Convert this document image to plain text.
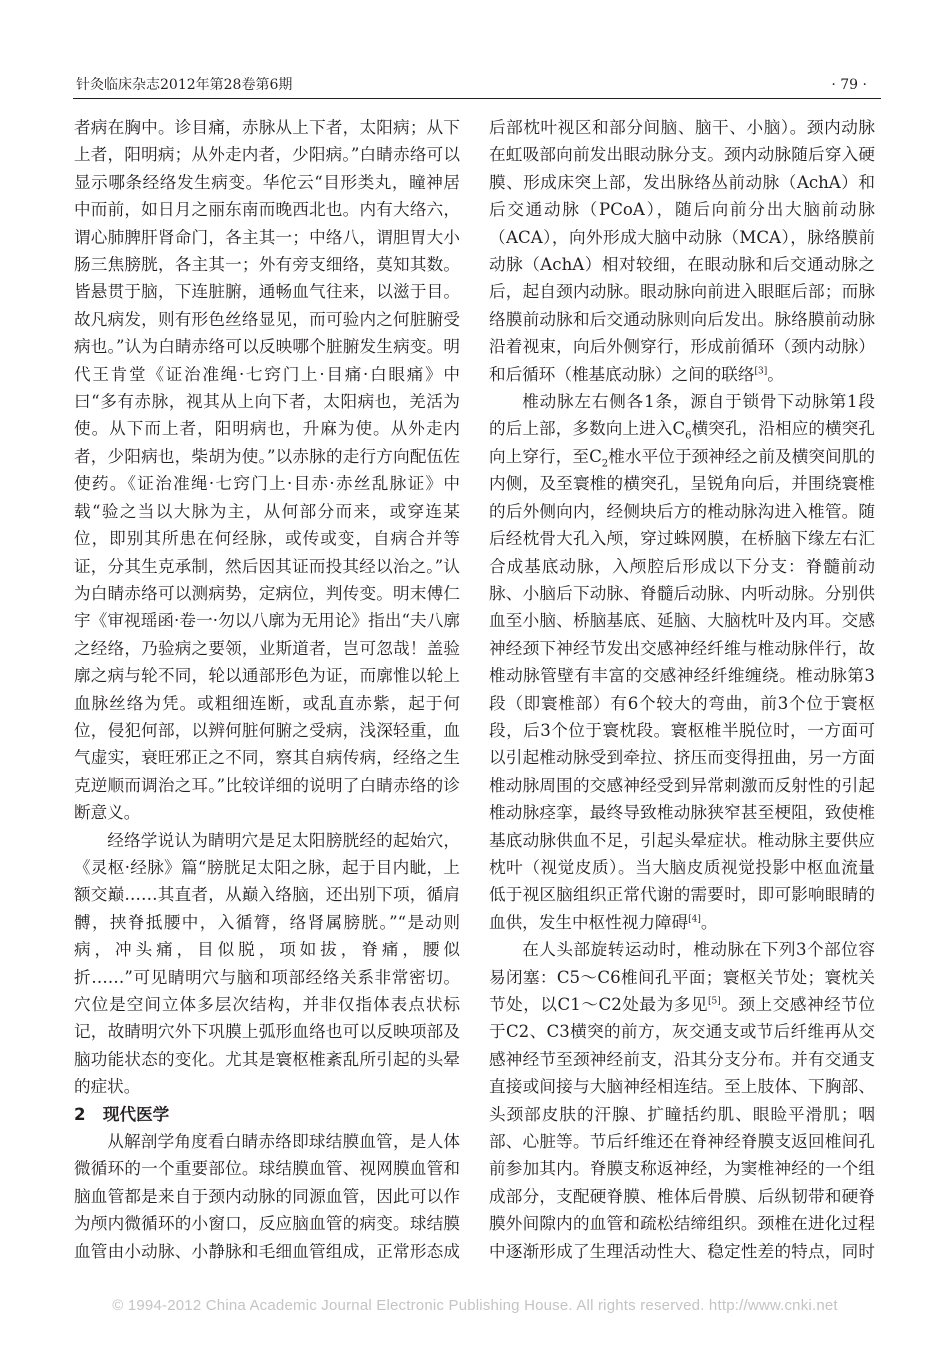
针灸临床杂志2012年第28卷第6期	· 79 ·

者病在胸中。诊目痛，赤脉从上下者，太阳病；从下上者，阳明病；从外走内者，少阳病。”白睛赤络可以显示哪条经络发生病变。华佗云“目形类丸，瞳神居中而前，如日月之丽东南而晚西北也。内有大络六，谓心肺脾肝肾命门，各主其一；中络八，谓胆胃大小肠三焦膀胱，各主其一；外有旁支细络，莫知其数。皆悬贯于脑，下连脏腑，通畅血气往来，以滋于目。故凡病发，则有形色丝络显见，而可验内之何脏腑受病也。”认为白睛赤络可以反映哪个脏腑发生病变。明代王肯堂《证治准绳·七窍门上·目痛·白眼痛》中曰“多有赤脉，视其从上向下者，太阳病也，羌活为使。从下而上者，阳明病也，升麻为使。从外走内者，少阳病也，柴胡为使。”以赤脉的走行方向配伍佐使药。《证治准绳·七窍门上·目赤·赤丝乱脉证》中载“验之当以大脉为主，从何部分而来，或穿连某位，即别其所患在何经脉，或传或变，自病合并等证，分其生克承制，然后因其证而投其经以治之。”认为白睛赤络可以测病势，定病位，判传变。明末傅仁宇《审视瑶函·卷一·勿以八廓为无用论》指出“夫八廓之经络，乃验病之要领，业斯道者，岂可忽哉！盖验廓之病与轮不同，轮以通部形色为证，而廓惟以轮上血脉丝络为凭。或粗细连断，或乱直赤紫，起于何位，侵犯何部，以辨何脏何腑之受病，浅深轻重，血气虚实，衰旺邪正之不同，察其自病传病，经络之生克逆顺而调治之耳。”比较详细的说明了白睛赤络的诊断意义。

经络学说认为睛明穴是足太阳膀胱经的起始穴，《灵枢·经脉》篇“膀胱足太阳之脉，起于目内眦，上额交巅……其直者，从巅入络脑，还出别下项，循肩髆，挟脊抵腰中，入循膂，络肾属膀胱。”“是动则病，冲头痛，目似脱，项如拔，脊痛，腰似折……”可见睛明穴与脑和项部经络关系非常密切。穴位是空间立体多层次结构，并非仅指体表点状标记，故睛明穴外下巩膜上弧形血络也可以反映项部及脑功能状态的变化。尤其是寰枢椎紊乱所引起的头晕的症状。

2 现代医学

从解剖学角度看白睛赤络即球结膜血管，是人体微循环的一个重要部位。球结膜血管、视网膜血管和脑血管都是来自于颈内动脉的同源血管，因此可以作为颅内微循环的小窗口，反应脑血管的病变。球结膜血管由小动脉、小静脉和毛细血管组成，正常形态成

后部枕叶视区和部分间脑、脑干、小脑）。颈内动脉在虹吸部向前发出眼动脉分支。颈内动脉随后穿入硬膜、形成床突上部，发出脉络丛前动脉（AchA）和后交通动脉（PCoA），随后向前分出大脑前动脉（ACA），向外形成大脑中动脉（MCA），脉络膜前动脉（AchA）相对较细，在眼动脉和后交通动脉之后，起自颈内动脉。眼动脉向前进入眼眶后部；而脉络膜前动脉和后交通动脉则向后发出。脉络膜前动脉沿着视束，向后外侧穿行，形成前循环（颈内动脉）和后循环（椎基底动脉）之间的联络[3]。

椎动脉左右侧各1条，源自于锁骨下动脉第1段的后上部，多数向上进入$C_6$横突孔，沿相应的横突孔向上穿行，至$C_2$椎水平位于颈神经之前及横突间肌的内侧，及至寰椎的横突孔，呈锐角向后，并围绕寰椎的后外侧向内，经侧块后方的椎动脉沟进入椎管。随后经枕骨大孔入颅，穿过蛛网膜，在桥脑下缘左右汇合成基底动脉，入颅腔后形成以下分支：脊髓前动脉、小脑后下动脉、脊髓后动脉、内听动脉。分别供血至小脑、桥脑基底、延脑、大脑枕叶及内耳。交感神经颈下神经节发出交感神经纤维与椎动脉伴行，故椎动脉管壁有丰富的交感神经纤维缠绕。椎动脉第3段（即寰椎部）有6个较大的弯曲，前3个位于寰枢段，后3个位于寰枕段。寰枢椎半脱位时，一方面可以引起椎动脉受到牵拉、挤压而变得扭曲，另一方面椎动脉周围的交感神经受到异常刺激而反射性的引起椎动脉痉挛，最终导致椎动脉狭窄甚至梗阻，致使椎基底动脉供血不足，引起头晕症状。椎动脉主要供应枕叶（视觉皮质）。当大脑皮质视觉投影中枢血流量低于视区脑组织正常代谢的需要时，即可影响眼睛的血供，发生中枢性视力障碍[4]。

在人头部旋转运动时，椎动脉在下列3个部位容易闭塞：C5～C6椎间孔平面；寰枢关节处；寰枕关节处，以C1～C2处最为多见[5]。颈上交感神经节位于C2、C3横突的前方，灰交通支或节后纤维再从交感神经节至颈神经前支，沿其分支分布。并有交通支直接或间接与大脑神经相连结。至上肢体、下胸部、头颈部皮肤的汗腺、扩瞳括约肌、眼睑平滑肌；咽部、心脏等。节后纤维还在脊神经脊膜支返回椎间孔前参加其内。脊膜支称返神经，为窦椎神经的一个组成部分，支配硬脊膜、椎体后骨膜、后纵韧带和硬脊膜外间隙内的血管和疏松结缔组织。颈椎在进化过程中逐渐形成了生理活动性大、稳定性差的特点，同时

© 1994-2012 China Academic Journal Electronic Publishing House. All rights reserved. http://www.cnki.net
